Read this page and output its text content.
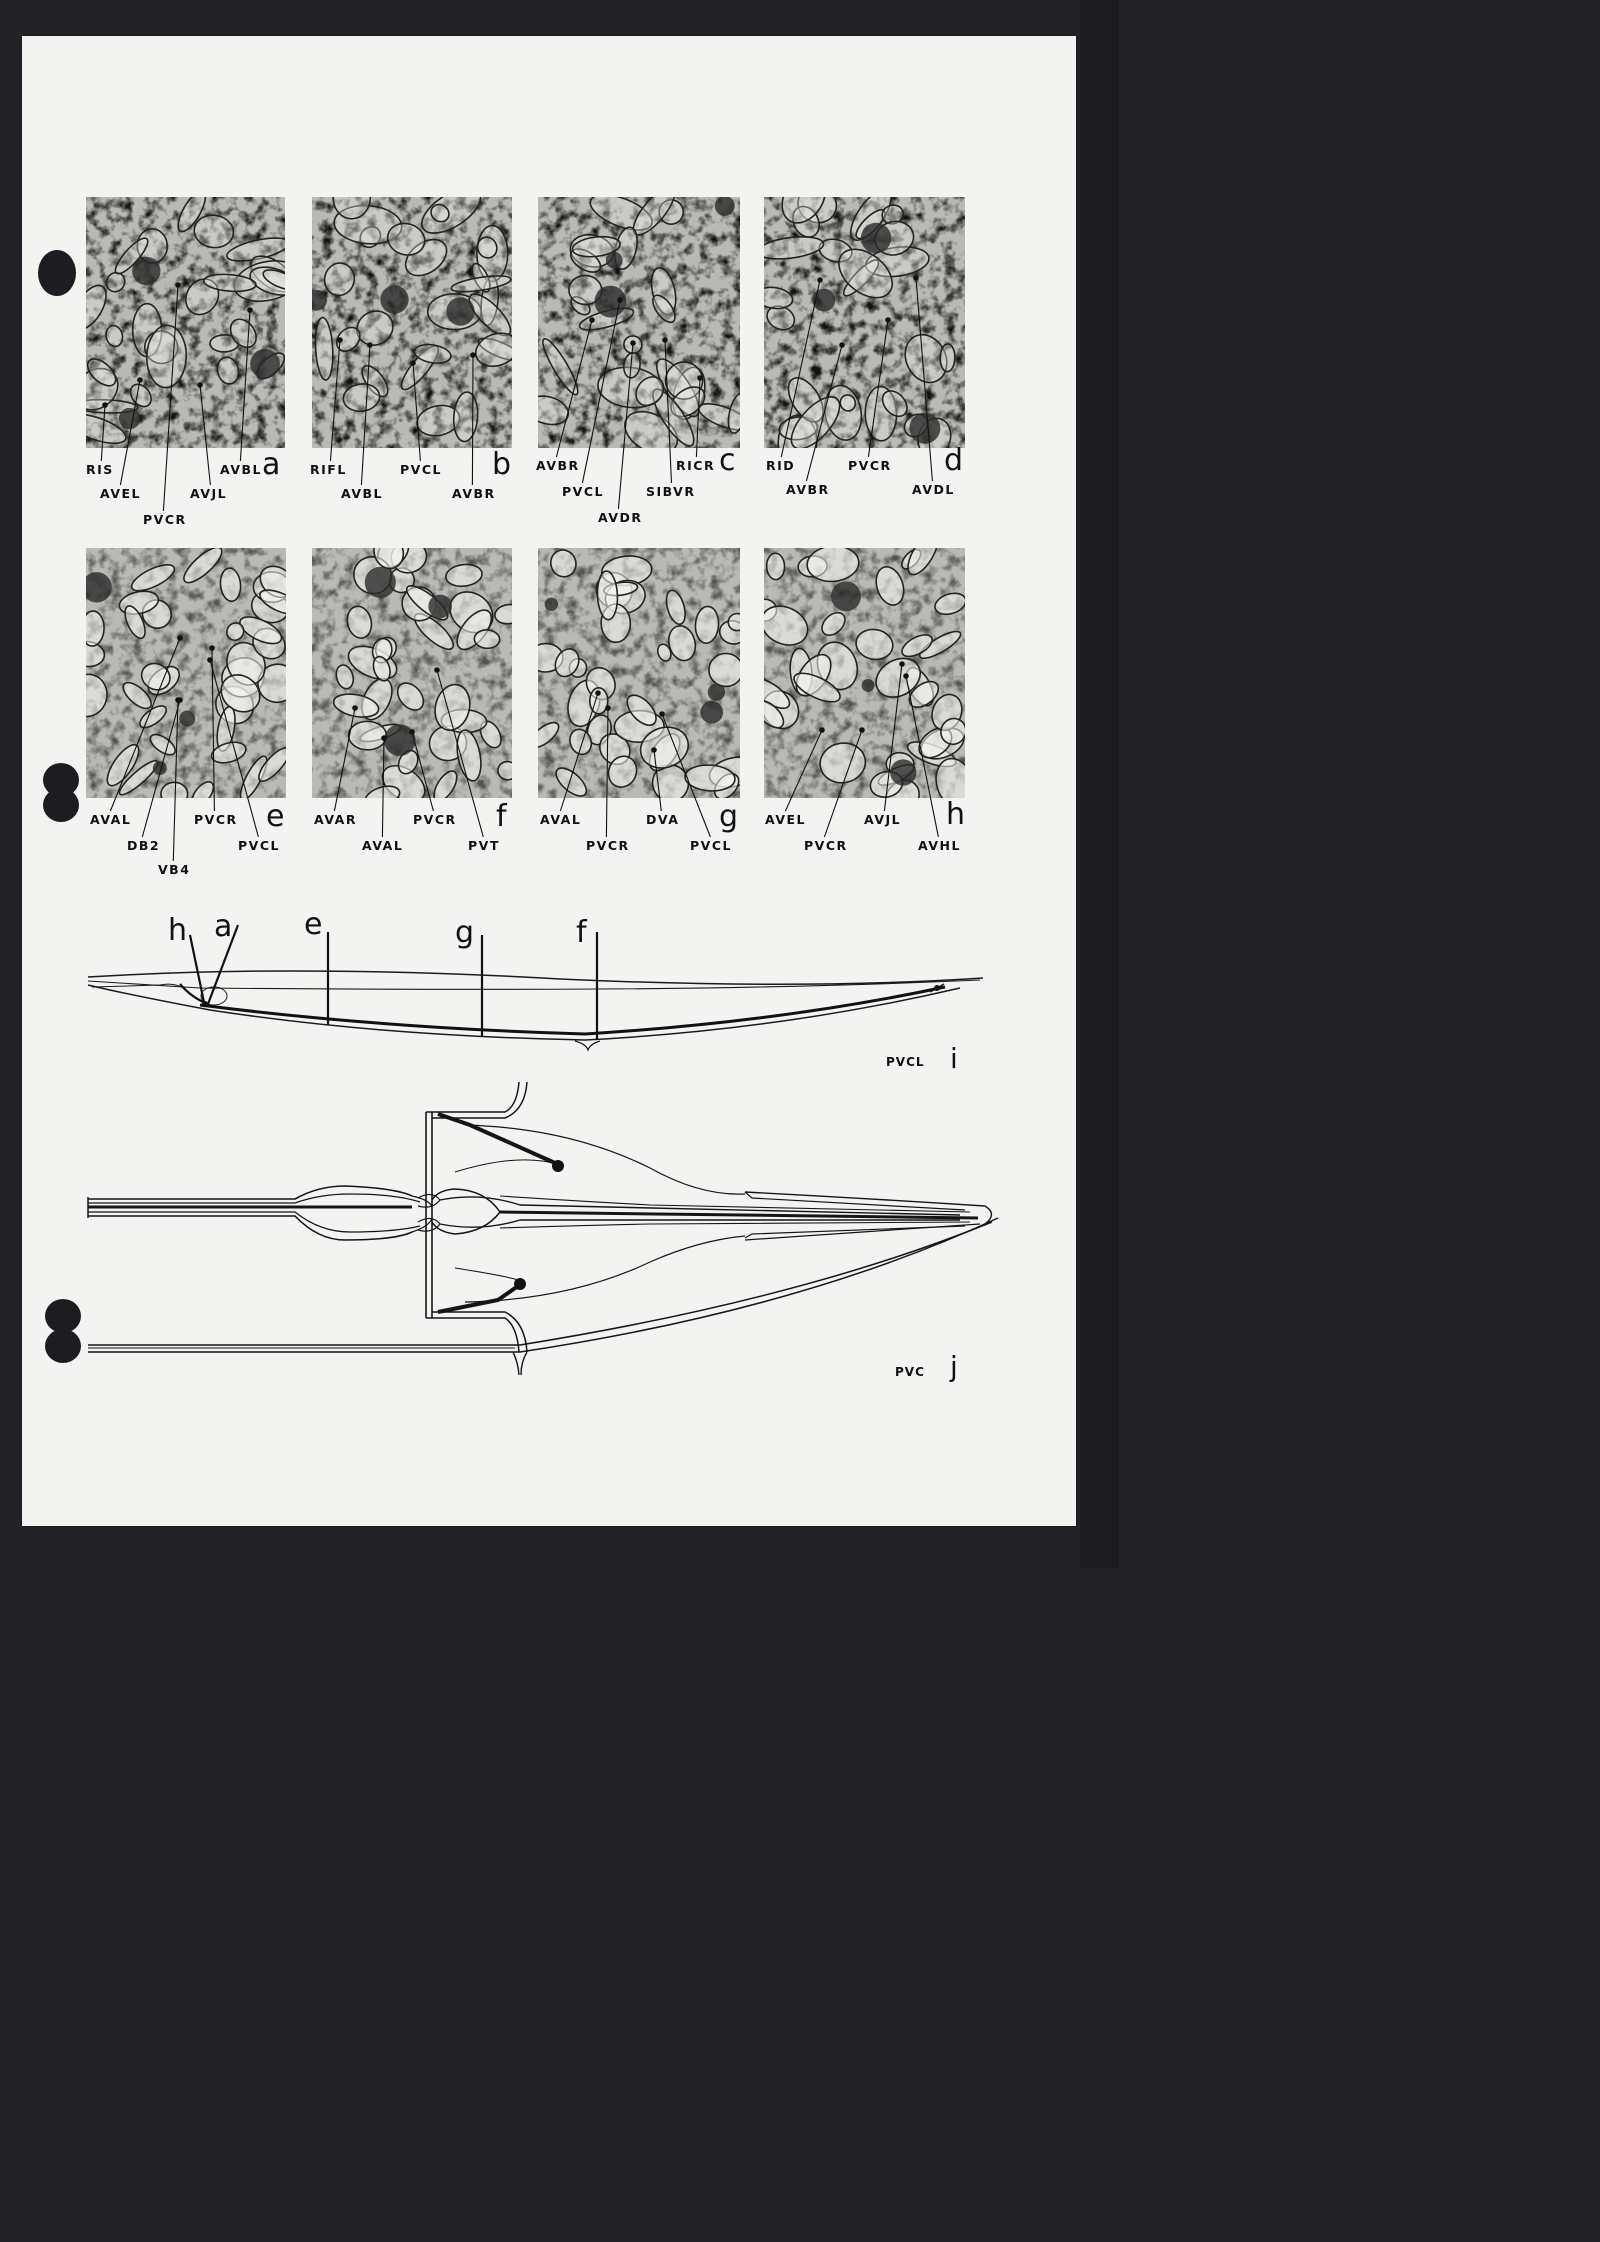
RIS
AVEL
PVCR
AVJL
AVBL a RIFL
AVBL
PVCL
AVBR
b AVBR
PVCL
AVDR
SIBVR
RICR c RID
AVBR
PVCR
AVDL
d
AVAL
DB2
VB4
PVCR
PVCL
e AVAR
AVAL
PVCR
PVT
f	AVAL
PVCR
DVA
PVCL
g AVEL
PVCR
AVJL
AVHL
h
h a e	g	f
PVCL i
PVC j
